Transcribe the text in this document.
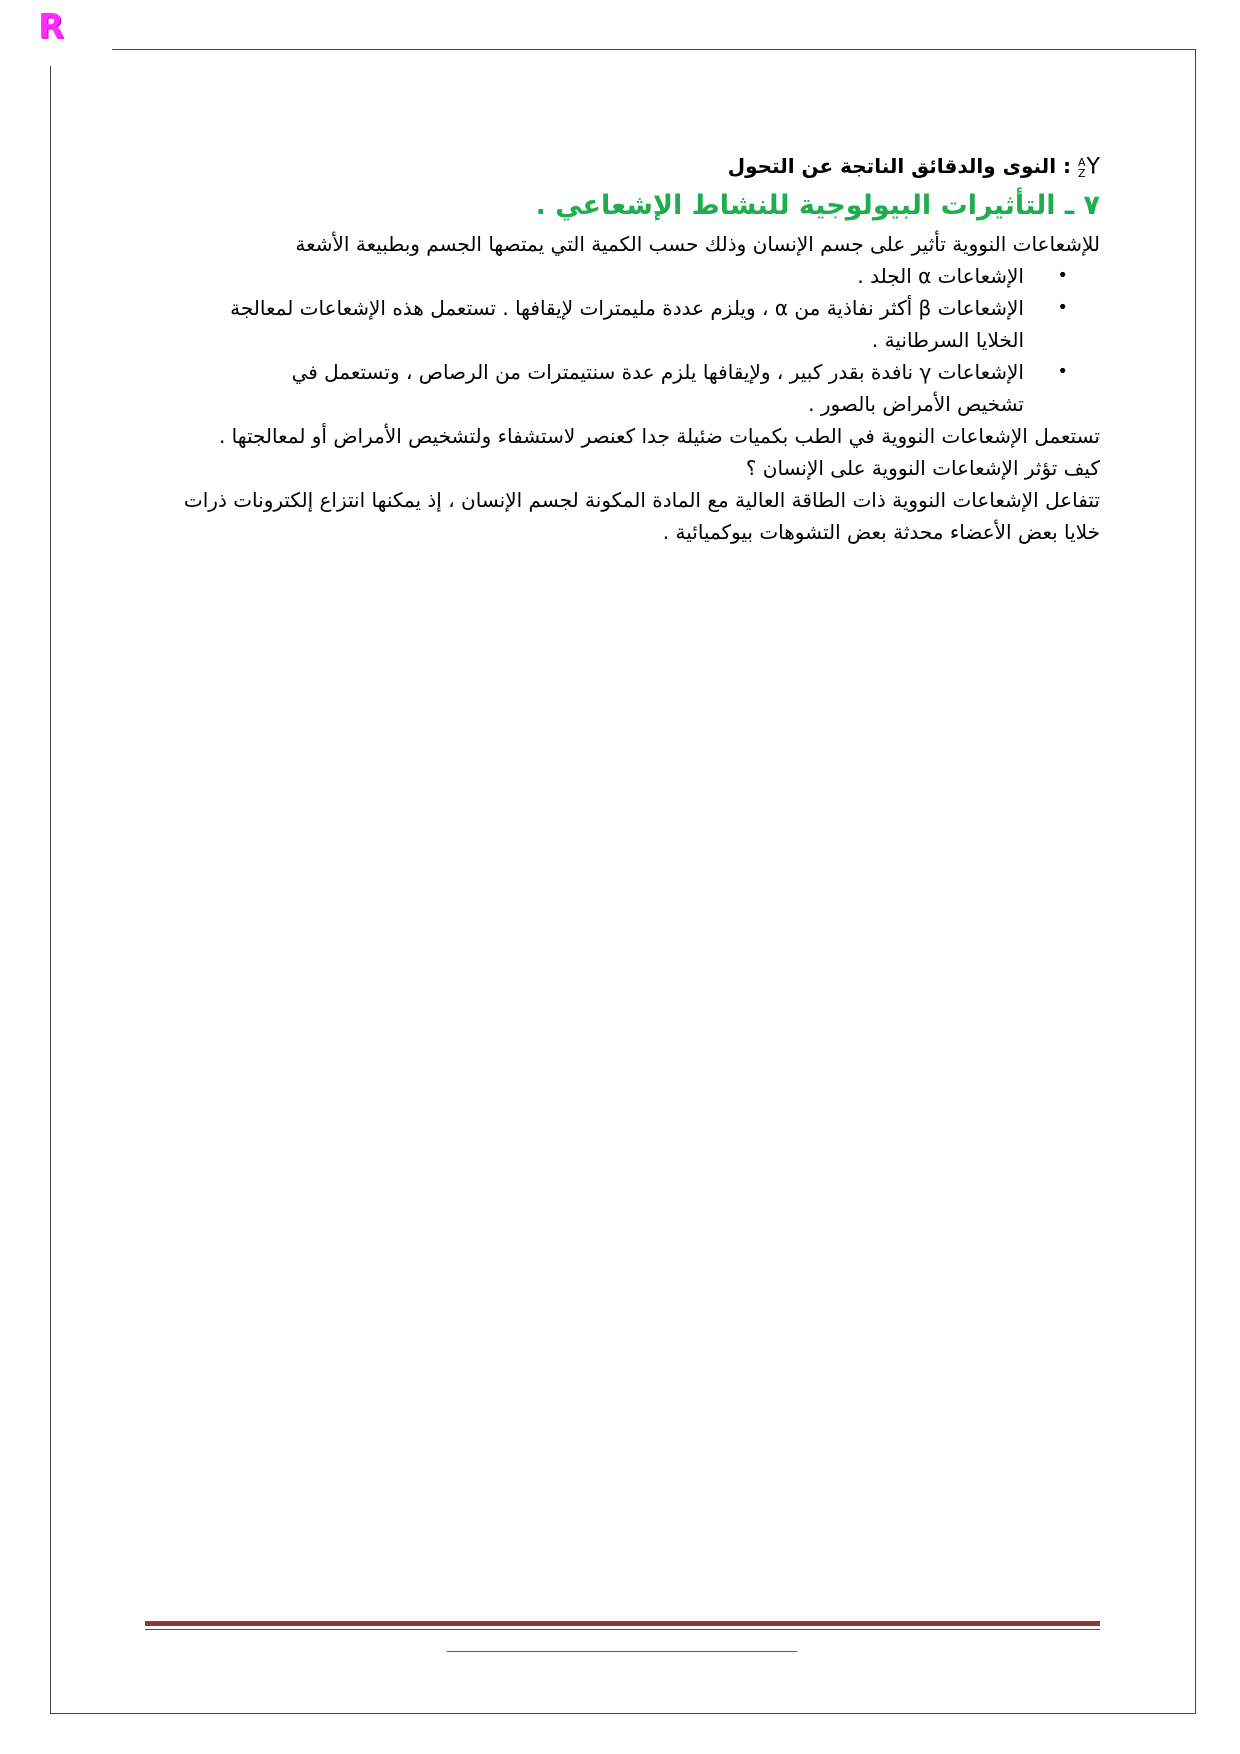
R

A
Z Y : النوى والدقائق الناتجة عن التحول

٧ ـ التأثيرات البيولوجية للنشاط الإشعاعي .

للإشعاعات النووية تأثير على جسم الإنسان وذلك حسب الكمية التي يمتصها الجسم وبطبيعة الأشعة

•
الإشعاعات α الجلد .
•
الإشعاعات β أكثر نفاذية من α ، ويلزم عددة مليمترات لإيقافها . تستعمل هذه الإشعاعات لمعالجة الخلايا السرطانية .
•
الإشعاعات γ نافدة بقدر كبير ، ولإيقافها يلزم عدة سنتيمترات من الرصاص ، وتستعمل في تشخيص الأمراض بالصور .

تستعمل الإشعاعات النووية في الطب بكميات ضئيلة جدا كعنصر لاستشفاء ولتشخيص الأمراض أو لمعالجتها .

كيف تؤثر الإشعاعات النووية على الإنسان ؟

تتفاعل الإشعاعات النووية ذات الطاقة العالية مع المادة المكونة لجسم الإنسان ، إذ يمكنها انتزاع إلكترونات ذرات خلايا بعض الأعضاء محدثة بعض التشوهات بيوكميائية .
